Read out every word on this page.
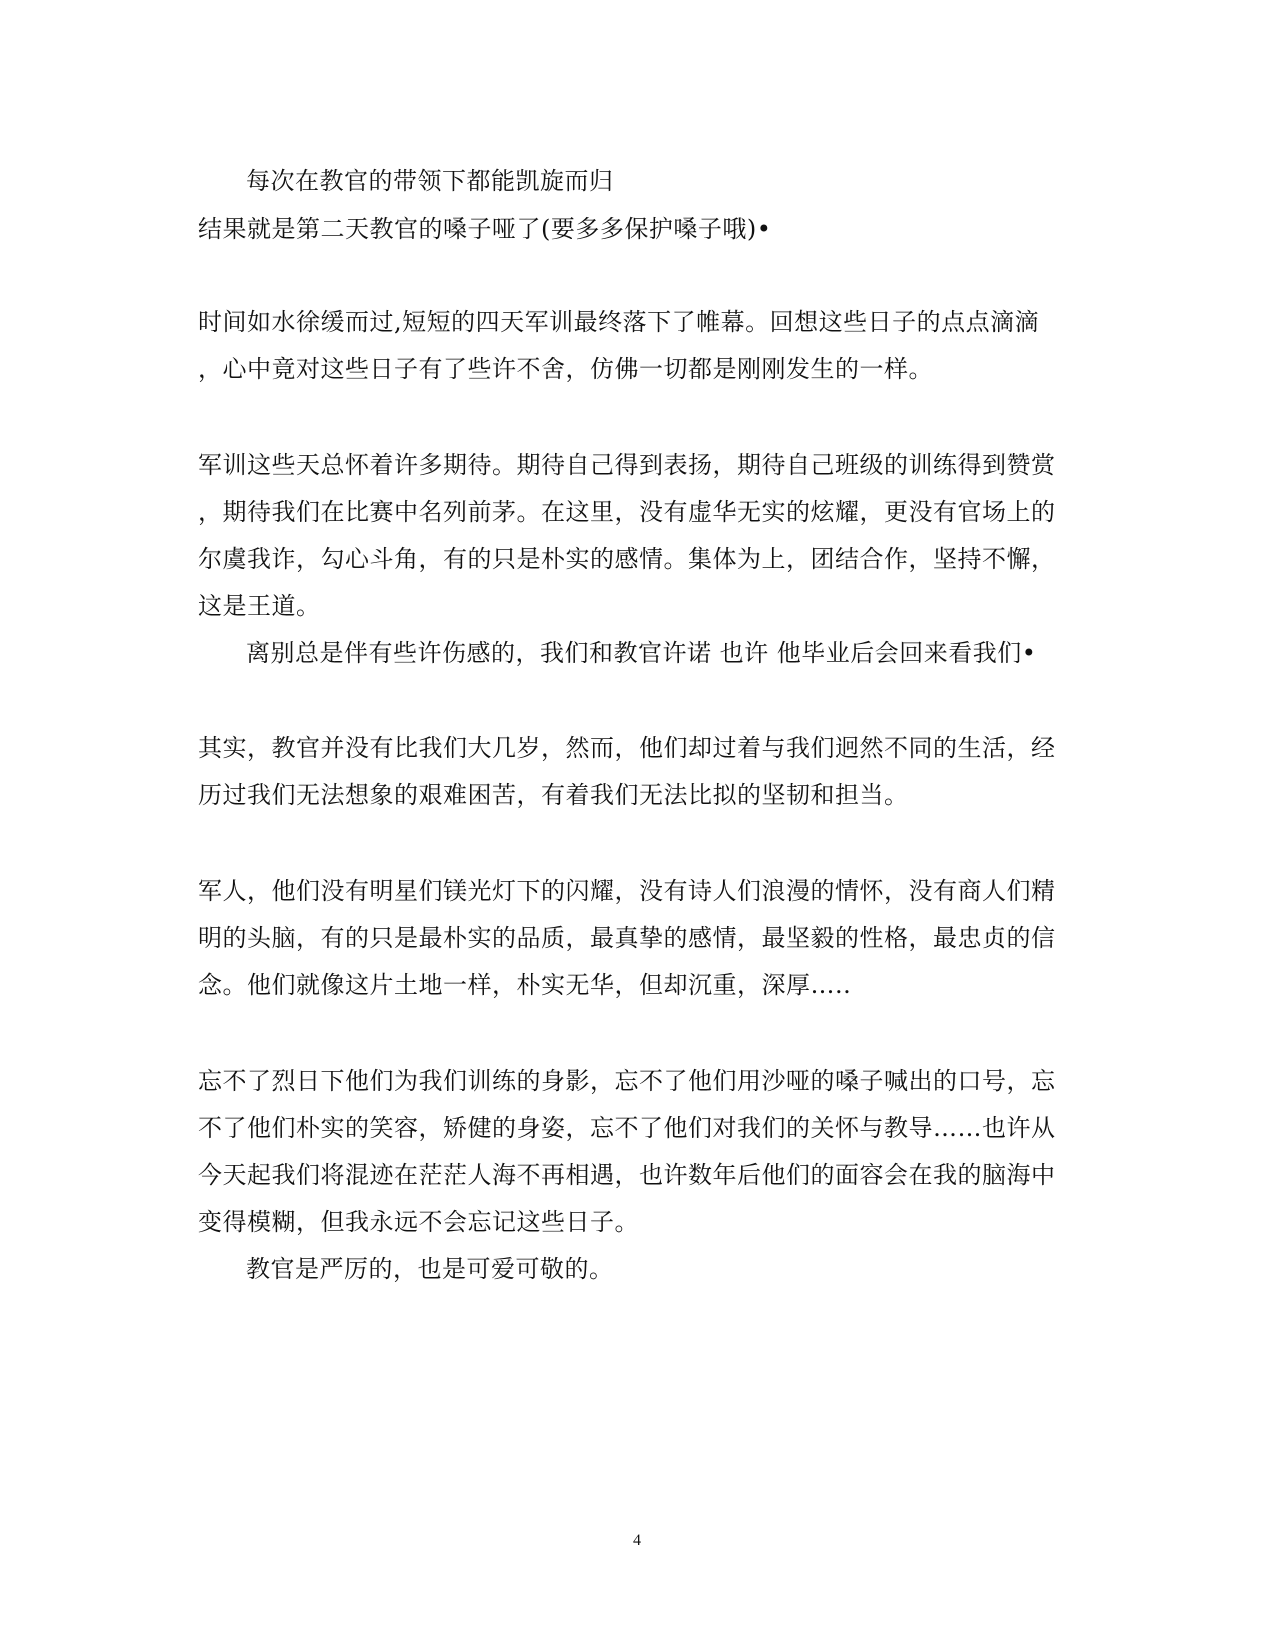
每次在教官的带领下都能凯旋而归
结果就是第二天教官的嗓子哑了(要多多保护嗓子哦)•
时间如水徐缓而过,短短的四天军训最终落下了帷幕。回想这些日子的点点滴滴
，心中竟对这些日子有了些许不舍，仿佛一切都是刚刚发生的一样。
军训这些天总怀着许多期待。期待自己得到表扬，期待自己班级的训练得到赞赏
，期待我们在比赛中名列前茅。在这里，没有虚华无实的炫耀，更没有官场上的
尔虞我诈，勾心斗角，有的只是朴实的感情。集体为上，团结合作，坚持不懈，
这是王道。
离别总是伴有些许伤感的，我们和教官许诺 也许 他毕业后会回来看我们•
其实，教官并没有比我们大几岁，然而，他们却过着与我们迥然不同的生活，经
历过我们无法想象的艰难困苦，有着我们无法比拟的坚韧和担当。
军人，他们没有明星们镁光灯下的闪耀，没有诗人们浪漫的情怀，没有商人们精
明的头脑，有的只是最朴实的品质，最真挚的感情，最坚毅的性格，最忠贞的信
念。他们就像这片土地一样，朴实无华，但却沉重，深厚…..
忘不了烈日下他们为我们训练的身影，忘不了他们用沙哑的嗓子喊出的口号，忘
不了他们朴实的笑容，矫健的身姿，忘不了他们对我们的关怀与教导……也许从
今天起我们将混迹在茫茫人海不再相遇，也许数年后他们的面容会在我的脑海中
变得模糊，但我永远不会忘记这些日子。
教官是严厉的，也是可爱可敬的。
4
